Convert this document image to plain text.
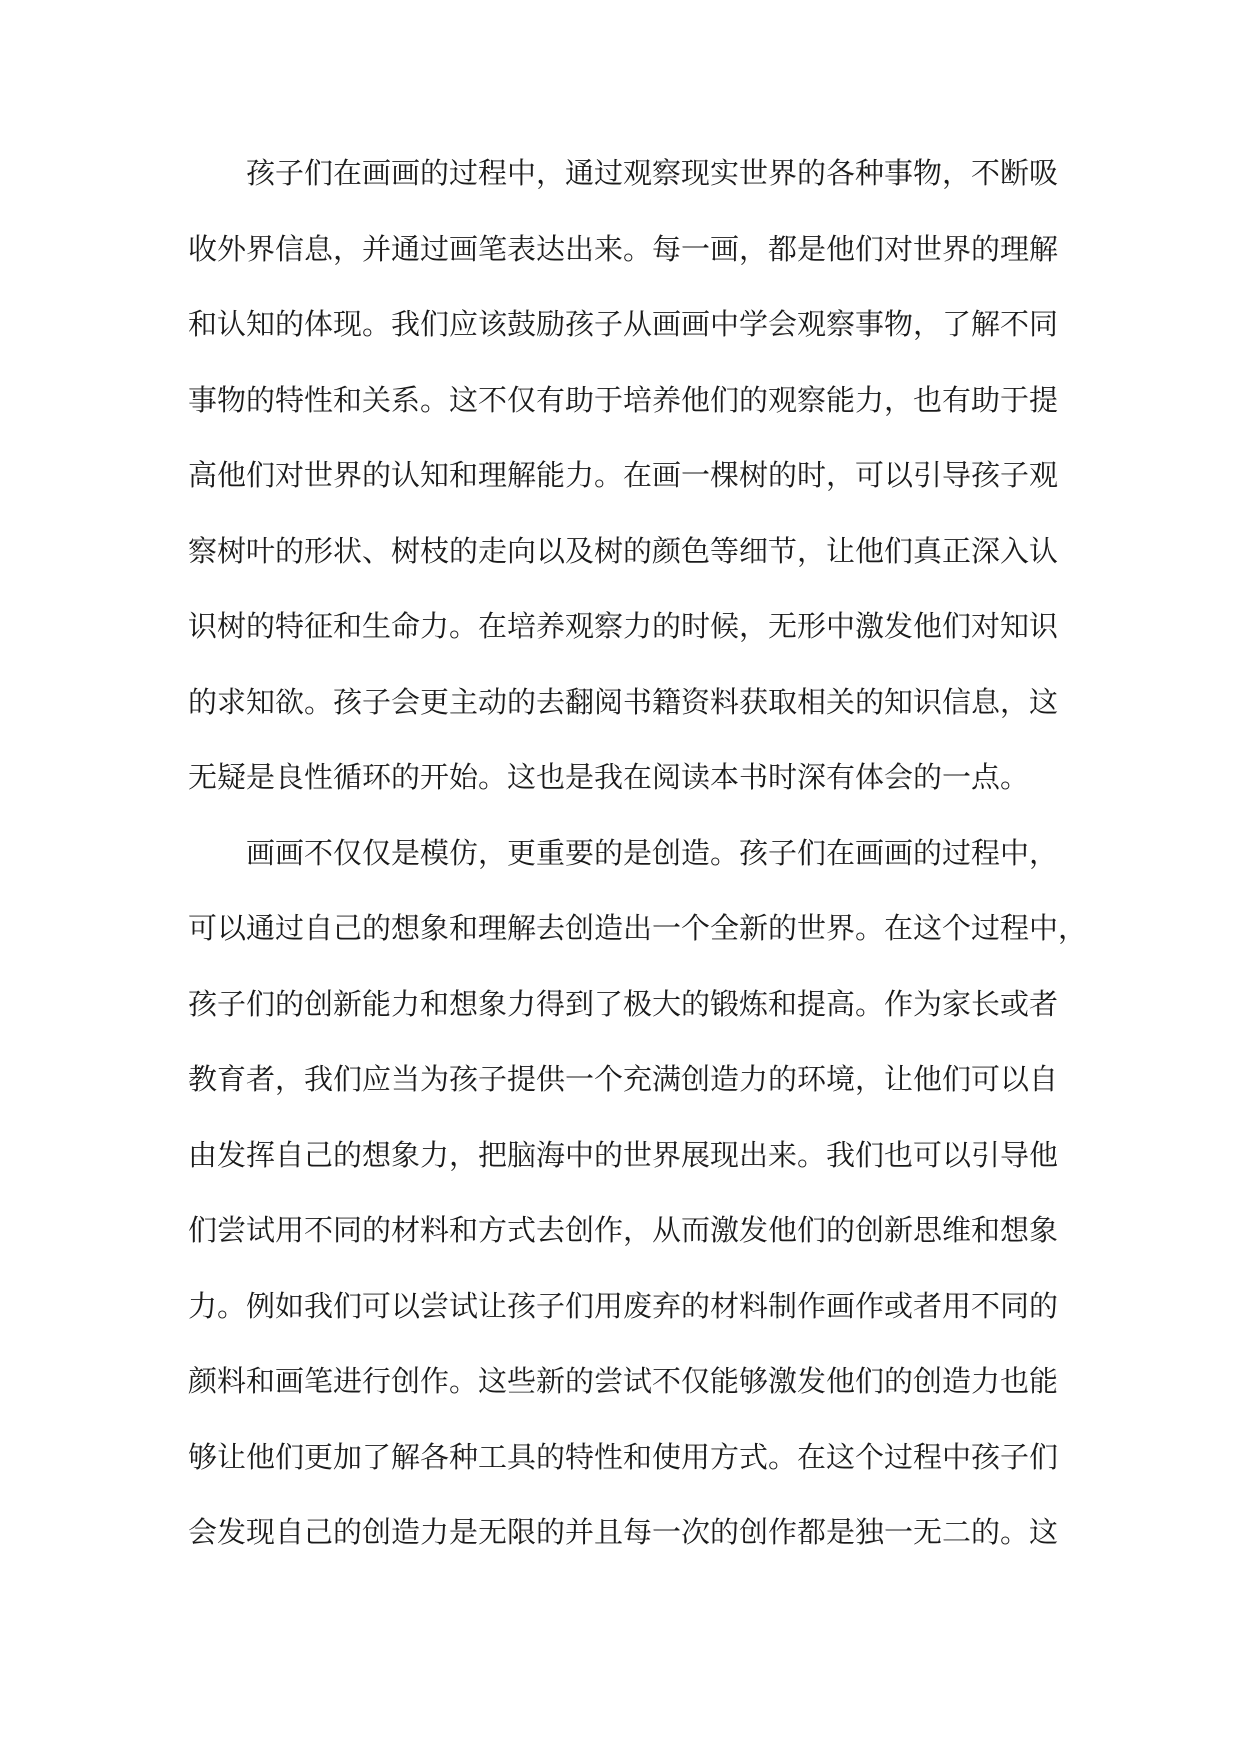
孩子们在画画的过程中，通过观察现实世界的各种事物，不断吸
收外界信息，并通过画笔表达出来。每一画，都是他们对世界的理解
和认知的体现。我们应该鼓励孩子从画画中学会观察事物，了解不同
事物的特性和关系。这不仅有助于培养他们的观察能力，也有助于提
高他们对世界的认知和理解能力。在画一棵树的时，可以引导孩子观
察树叶的形状、树枝的走向以及树的颜色等细节，让他们真正深入认
识树的特征和生命力。在培养观察力的时候，无形中激发他们对知识
的求知欲。孩子会更主动的去翻阅书籍资料获取相关的知识信息，这
无疑是良性循环的开始。这也是我在阅读本书时深有体会的一点。
画画不仅仅是模仿，更重要的是创造。孩子们在画画的过程中，
可以通过自己的想象和理解去创造出一个全新的世界。在这个过程中，
孩子们的创新能力和想象力得到了极大的锻炼和提高。作为家长或者
教育者，我们应当为孩子提供一个充满创造力的环境，让他们可以自
由发挥自己的想象力，把脑海中的世界展现出来。我们也可以引导他
们尝试用不同的材料和方式去创作，从而激发他们的创新思维和想象
力。例如我们可以尝试让孩子们用废弃的材料制作画作或者用不同的
颜料和画笔进行创作。这些新的尝试不仅能够激发他们的创造力也能
够让他们更加了解各种工具的特性和使用方式。在这个过程中孩子们
会发现自己的创造力是无限的并且每一次的创作都是独一无二的。这
